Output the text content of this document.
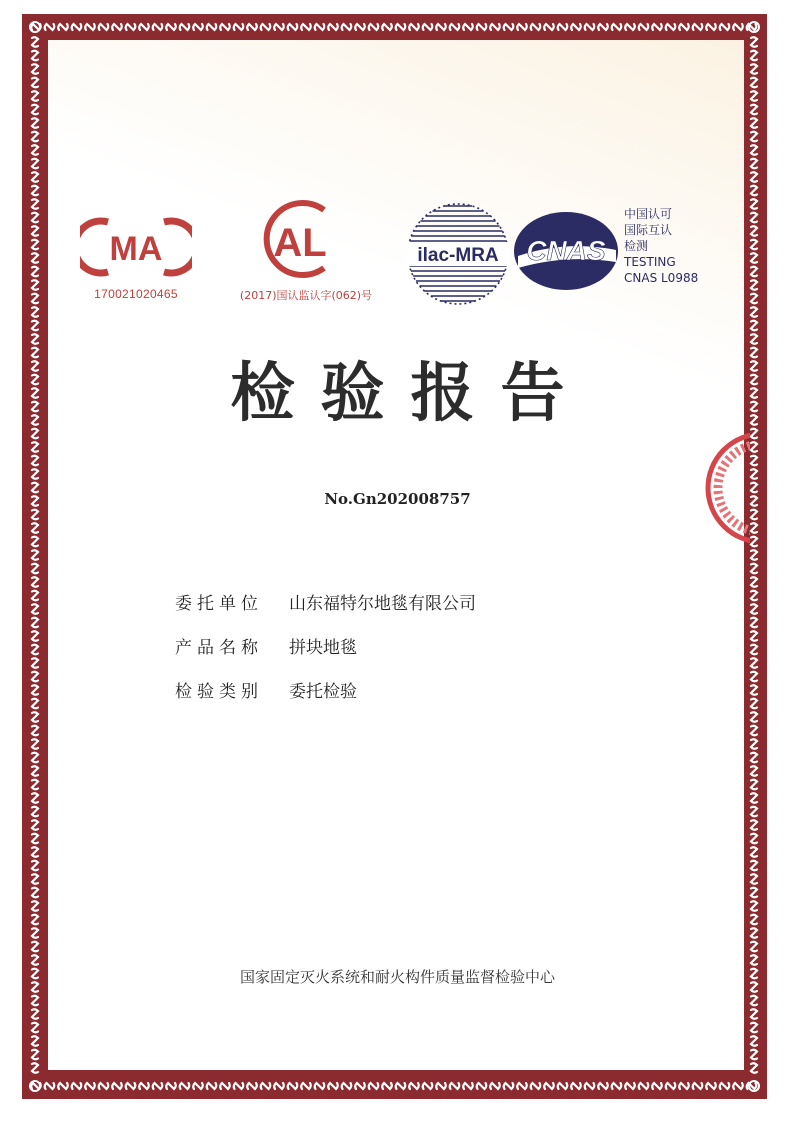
MA
170021020465
AL
(2017)国认监认字(062)号
ilac-MRA CNAS
中国认可
国际互认
检测
TESTING
CNAS L0988
检验报告
No.Gn202008757
委托单位	山东福特尔地毯有限公司
产品名称	拼块地毯
检验类别	委托检验
国家固定灭火系统和耐火构件质量监督检验中心
